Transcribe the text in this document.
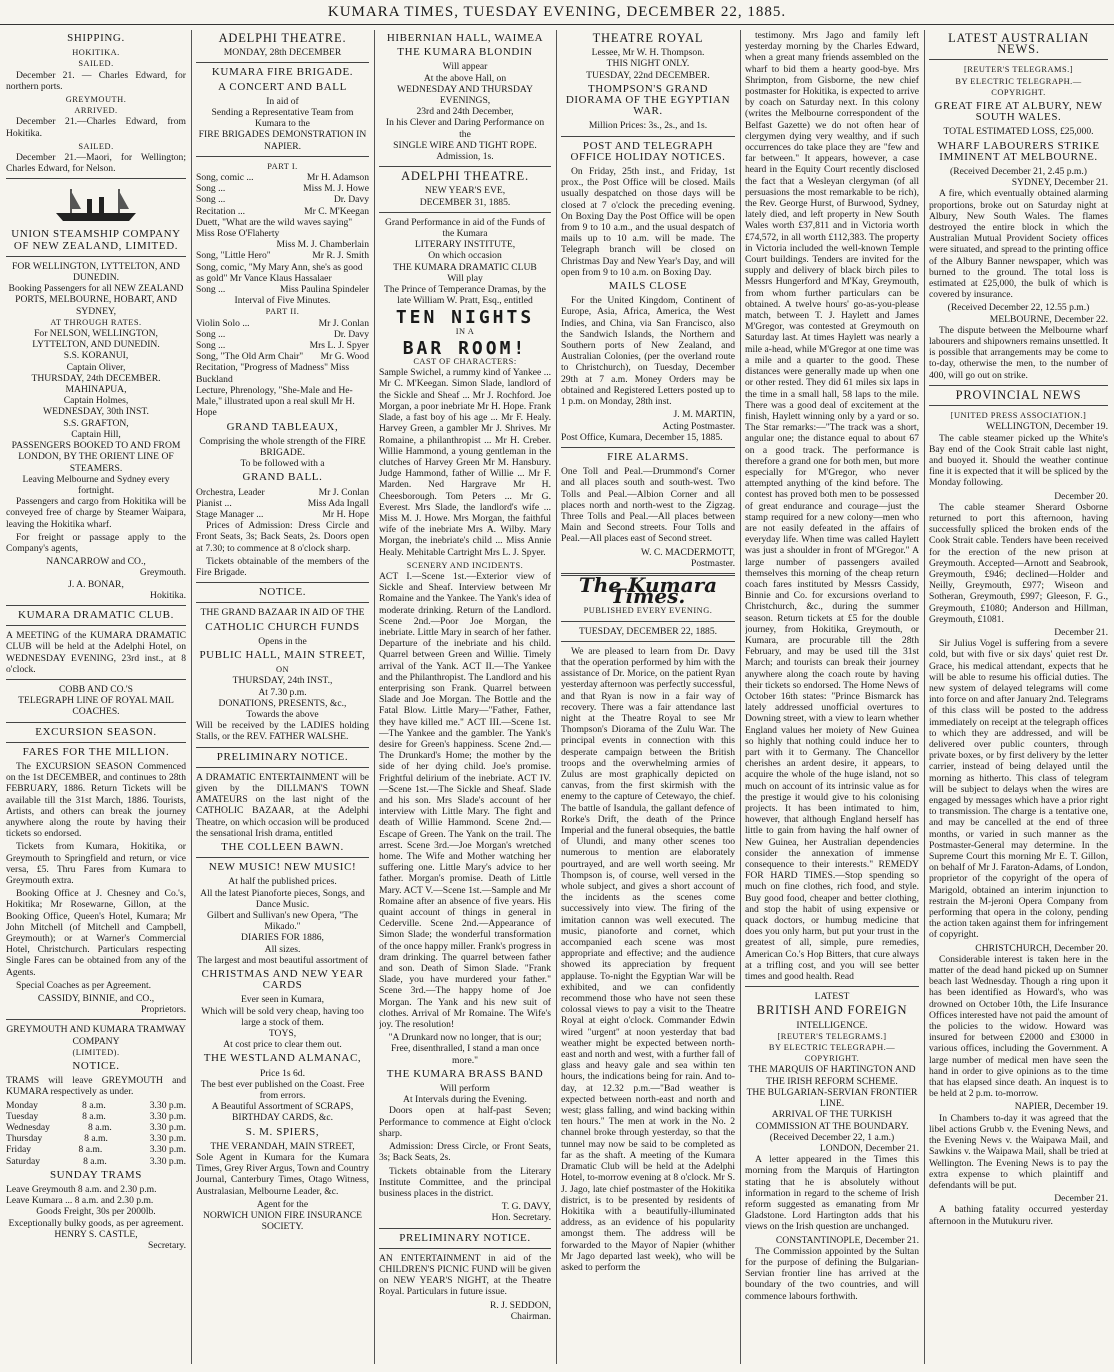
KUMARA TIMES, TUESDAY EVENING, DECEMBER 22, 1885.
SHIPPING.
HOKITIKA.
SAILED.

December 21. — Charles Edward, for northern ports.

GREYMOUTH.
ARRIVED.

December 21.—Charles Edward, from Hokitika.

SAILED.

December 21.—Maori, for Wellington; Charles Edward, for Nelson.

UNION STEAMSHIP COMPANY OF NEW ZEALAND, LIMITED.
FOR WELLINGTON, LYTTELTON, AND DUNEDIN.
Booking Passengers for all NEW ZEALAND PORTS, MELBOURNE, HOBART, AND SYDNEY,
AT THROUGH RATES.
For NELSON, WELLINGTON, LYTTELTON, AND DUNEDIN.
S.S. KORANUI,
Captain Oliver,
THURSDAY, 24th DECEMBER.
MAHINAPUA,
Captain Holmes,
WEDNESDAY, 30th INST.
S.S. GRAFTON,
Captain Hill,
PASSENGERS BOOKED TO AND FROM LONDON, BY THE ORIENT LINE OF STEAMERS.
Leaving Melbourne and Sydney every fortnight.

Passengers and cargo from Hokitika will be conveyed free of charge by Steamer Waipara, leaving the Hokitika wharf.

For freight or passage apply to the Company's agents,

NANCARROW and CO.,
Greymouth.
J. A. BONAR,
Hokitika.
KUMARA DRAMATIC CLUB.

A MEETING of the KUMARA DRAMATIC CLUB will be held at the Adelphi Hotel, on WEDNESDAY EVENING, 23rd inst., at 8 o'clock.

COBB AND CO.'S
TELEGRAPH LINE OF ROYAL MAIL COACHES.
EXCURSION SEASON.
FARES FOR THE MILLION.

The EXCURSION SEASON Commenced on the 1st DECEMBER, and continues to 28th FEBRUARY, 1886. Return Tickets will be available till the 31st March, 1886. Tourists, Artists, and others can break the journey anywhere along the route by having their tickets so endorsed.

Tickets from Kumara, Hokitika, or Greymouth to Springfield and return, or vice versa, £5. Thru Fares from Kumara to Greymouth extra.

Booking Office at J. Chesney and Co.'s, Hokitika; Mr Rosewarne, Gillon, at the Booking Office, Queen's Hotel, Kumara; Mr John Mitchell (of Mitchell and Campbell, Greymouth); or at Warner's Commercial Hotel, Christchurch. Particulars respecting Single Fares can be obtained from any of the Agents.

Special Coaches as per Agreement.

CASSIDY, BINNIE, and CO.,
Proprietors.
GREYMOUTH AND KUMARA TRAMWAY COMPANY
(LIMITED).
NOTICE.

TRAMS will leave GREYMOUTH and KUMARA respectively as under.

Monday	8 a.m.	3.30 p.m.
Tuesday	8 a.m.	3.30 p.m.
Wednesday	8 a.m.	3.30 p.m.
Thursday	8 a.m.	3.30 p.m.
Friday	8 a.m.	3.30 p.m.
Saturday	8 a.m.	3.30 p.m.
SUNDAY TRAMS
Leave Greymouth 8 a.m. and 2.30 p.m.
Leave Kumara ... 8 a.m. and 2.30 p.m.
Goods Freight, 30s per 2000lb.
Exceptionally bulky goods, as per agreement.
HENRY S. CASTLE,
Secretary.
ADELPHI THEATRE.
MONDAY, 28th DECEMBER
KUMARA FIRE BRIGADE.
A CONCERT AND BALL
In aid of
Sending a Representative Team from Kumara to the
FIRE BRIGADES DEMONSTRATION IN NAPIER.
PART I.
Song, comic ...	Mr H. Adamson
Song ...	Miss M. J. Howe
Song ...	Dr. Davy
Recitation ...	Mr C. M'Keegan
Duett, "What are the wild waves saying" Miss Rose O'Flaherty
Miss M. J. Chamberlain
Song, "Little Hero"	Mr R. J. Smith
Song, comic, "My Mary Ann, she's as good as gold" Mr Vance Klaus Hassalaer
Song ...	Miss Paulina Spindeler
Interval of Five Minutes.
PART II.
Violin Solo ...	Mr J. Conlan
Song ...	Dr. Davy
Song ...	Mrs L. J. Spyer
Song, "The Old Arm Chair" Mr G. Wood
Recitation, "Progress of Madness" Miss Buckland
Lecture, Phrenology, "She-Male and He-Male," illustrated upon a real skull Mr H. Hope
GRAND TABLEAUX,
Comprising the whole strength of the FIRE BRIGADE.
To be followed with a
GRAND BALL.
Orchestra, Leader	Mr J. Conlan
Pianist ...	Miss Ada Ingall
Stage Manager ...	Mr H. Hope

Prices of Admission: Dress Circle and Front Seats, 3s; Back Seats, 2s. Doors open at 7.30; to commence at 8 o'clock sharp.

Tickets obtainable of the members of the Fire Brigade.

NOTICE.
THE GRAND BAZAAR IN AID OF THE
CATHOLIC CHURCH FUNDS
Opens in the
PUBLIC HALL, MAIN STREET,
ON
THURSDAY, 24th INST.,
At 7.30 p.m.
DONATIONS, PRESENTS, &c.,
Towards the above

Will be received by the LADIES holding Stalls, or the REV. FATHER WALSHE.

PRELIMINARY NOTICE.

A DRAMATIC ENTERTAINMENT will be given by the DILLMAN'S TOWN AMATEURS on the last night of the CATHOLIC BAZAAR, at the Adelphi Theatre, on which occasion will be produced the sensational Irish drama, entitled

THE COLLEEN BAWN.
NEW MUSIC! NEW MUSIC!
At half the published prices.
All the latest Pianoforte pieces, Songs, and Dance Music.
Gilbert and Sullivan's new Opera, "The Mikado."
DIARIES FOR 1886,
All sizes.
The largest and most beautiful assortment of
CHRISTMAS AND NEW YEAR CARDS
Ever seen in Kumara,
Which will be sold very cheap, having too large a stock of them.
TOYS,
At cost price to clear them out.
THE WESTLAND ALMANAC,
Price 1s 6d.
The best ever published on the Coast. Free from errors.
A Beautiful Assortment of SCRAPS, BIRTHDAY CARDS, &c.
S. M. SPIERS,
THE VERANDAH, MAIN STREET,

Sole Agent in Kumara for the Kumara Times, Grey River Argus, Town and Country Journal, Canterbury Times, Otago Witness, Australasian, Melbourne Leader, &c.

Agent for the
NORWICH UNION FIRE INSURANCE SOCIETY.
HIBERNIAN HALL, WAIMEA
THE KUMARA BLONDIN
Will appear
At the above Hall, on
WEDNESDAY AND THURSDAY EVENINGS,
23rd and 24th December,
In his Clever and Daring Performance on the
SINGLE WIRE AND TIGHT ROPE.
Admission, 1s.
ADELPHI THEATRE.
NEW YEAR'S EVE,
DECEMBER 31, 1885.
Grand Performance in aid of the Funds of the Kumara
LITERARY INSTITUTE,
On which occasion
THE KUMARA DRAMATIC CLUB
Will play
The Prince of Temperance Dramas, by the late William W. Pratt, Esq., entitled
TEN NIGHTS
IN A
BAR ROOM!
CAST OF CHARACTERS:

Sample Swichel, a rummy kind of Yankee ... Mr C. M'Keegan. Simon Slade, landlord of the Sickle and Sheaf ... Mr J. Rochford. Joe Morgan, a poor inebriate Mr H. Hope. Frank Slade, a fast boy of his age ... Mr F. Healy. Harvey Green, a gambler Mr J. Shrives. Mr Romaine, a philanthropist ... Mr H. Creber. Willie Hammond, a young gentleman in the clutches of Harvey Green Mr M. Hansbury. Judge Hammond, father of Willie ... Mr F. Marden. Ned Hargrave Mr H. Cheesborough. Tom Peters ... Mr G. Everest. Mrs Slade, the landlord's wife ... Miss M. J. Howe. Mrs Morgan, the faithful wife of the inebriate Mrs A. Wilby. Mary Morgan, the inebriate's child ... Miss Annie Healy. Mehitable Cartright Mrs L. J. Spyer.

SCENERY AND INCIDENTS.

ACT I.—Scene 1st.—Exterior view of Sickle and Sheaf. Interview between Mr Romaine and the Yankee. The Yank's idea of moderate drinking. Return of the Landlord. Scene 2nd.—Poor Joe Morgan, the inebriate. Little Mary in search of her father. Departure of the inebriate and his child. Quarrel between Green and Willie. Timely arrival of the Yank. ACT II.—The Yankee and the Philanthropist. The Landlord and his enterprising son Frank. Quarrel between Slade and Joe Morgan. The Bottle and the Fatal Blow. Little Mary—"Father, Father, they have killed me." ACT III.—Scene 1st.—The Yankee and the gambler. The Yank's desire for Green's happiness. Scene 2nd.—The Drunkard's Home; the mother by the side of her dying child. Joe's promise. Frightful delirium of the inebriate. ACT IV.—Scene 1st.—The Sickle and Sheaf. Slade and his son. Mrs Slade's account of her interview with Little Mary. The fight and death of Willie Hammond. Scene 2nd.—Escape of Green. The Yank on the trail. The arrest. Scene 3rd.—Joe Morgan's wretched home. The Wife and Mother watching her suffering one. Little Mary's advice to her father. Morgan's promise. Death of Little Mary. ACT V.—Scene 1st.—Sample and Mr Romaine after an absence of five years. His quaint account of things in general in Cederville. Scene 2nd.—Appearance of Simon Slade; the wonderful transformation of the once happy miller. Frank's progress in dram drinking. The quarrel between father and son. Death of Simon Slade. "Frank Slade, you have murdered your father." Scene 3rd.—The happy home of Joe Morgan. The Yank and his new suit of clothes. Arrival of Mr Romaine. The Wife's joy. The resolution!

"A Drunkard now no longer, that is our; Free, disenthralled, I stand a man once more."
THE KUMARA BRASS BAND
Will perform
At Intervals during the Evening.

Doors open at half-past Seven; Performance to commence at Eight o'clock sharp.

Admission: Dress Circle, or Front Seats, 3s; Back Seats, 2s.

Tickets obtainable from the Literary Institute Committee, and the principal business places in the district.

T. G. DAVY,
Hon. Secretary.
PRELIMINARY NOTICE.

AN ENTERTAINMENT in aid of the CHILDREN'S PICNIC FUND will be given on NEW YEAR'S NIGHT, at the Theatre Royal. Particulars in future issue.

R. J. SEDDON,
Chairman.
THEATRE ROYAL
Lessee, Mr W. H. Thompson.
THIS NIGHT ONLY.
TUESDAY, 22nd DECEMBER.
THOMPSON'S GRAND DIORAMA OF THE EGYPTIAN WAR.
Million Prices: 3s., 2s., and 1s.
POST AND TELEGRAPH OFFICE HOLIDAY NOTICES.

On Friday, 25th inst., and Friday, 1st prox., the Post Office will be closed. Mails usually despatched on those days will be closed at 7 o'clock the preceding evening. On Boxing Day the Post Office will be open from 9 to 10 a.m., and the usual despatch of mails up to 10 a.m. will be made. The Telegraph branch will be closed on Christmas Day and New Year's Day, and will open from 9 to 10 a.m. on Boxing Day.

MAILS CLOSE

For the United Kingdom, Continent of Europe, Asia, Africa, America, the West Indies, and China, via San Francisco, also the Sandwich Islands, the Northern and Southern ports of New Zealand, and Australian Colonies, (per the overland route to Christchurch), on Tuesday, December 29th at 7 a.m. Money Orders may be obtained and Registered Letters posted up to 1 p.m. on Monday, 28th inst.

J. M. MARTIN,
Acting Postmaster.
Post Office, Kumara, December 15, 1885.
FIRE ALARMS.

One Toll and Peal.—Drummond's Corner and all places south and south-west. Two Tolls and Peal.—Albion Corner and all places north and north-west to the Zigzag. Three Tolls and Peal.—All places between Main and Second streets. Four Tolls and Peal.—All places east of Second street.

W. C. MACDERMOTT,
Postmaster.
The Kumara Times.
PUBLISHED EVERY EVENING.
TUESDAY, DECEMBER 22, 1885.

We are pleased to learn from Dr. Davy that the operation performed by him with the assistance of Dr. Morice, on the patient Ryan yesterday afternoon was perfectly successful, and that Ryan is now in a fair way of recovery. There was a fair attendance last night at the Theatre Royal to see Mr Thompson's Diorama of the Zulu War. The principal events in connection with this desperate campaign between the British troops and the overwhelming armies of Zulus are most graphically depicted on canvas, from the first skirmish with the enemy to the capture of Cetewayo, the chief. The battle of Isandula, the gallant defence of Rorke's Drift, the death of the Prince Imperial and the funeral obsequies, the battle of Ulundi, and many other scenes too numerous to mention are elaborately pourtrayed, and are well worth seeing. Mr Thompson is, of course, well versed in the whole subject, and gives a short account of the incidents as the scenes come successively into view. The firing of the imitation cannon was well executed. The music, pianoforte and cornet, which accompanied each scene was most appropriate and effective; and the audience showed its appreciation by frequent applause. To-night the Egyptian War will be exhibited, and we can confidently recommend those who have not seen these colossal views to pay a visit to the Theatre Royal at eight o'clock. Commander Edwin wired "urgent" at noon yesterday that bad weather might be expected between north-east and north and west, with a further fall of glass and heavy gale and sea within ten hours, the indications being for rain. And to-day, at 12.32 p.m.—"Bad weather is expected between north-east and north and west; glass falling, and wind backing within ten hours." The men at work in the No. 2 channel broke through yesterday, so that the tunnel may now be said to be completed as far as the shaft. A meeting of the Kumara Dramatic Club will be held at the Adelphi Hotel, to-morrow evening at 8 o'clock. Mr S. J. Jago, late chief postmaster of the Hokitika district, is to be presented by residents of Hokitika with a beautifully-illuminated address, as an evidence of his popularity amongst them. The address will be forwarded to the Mayor of Napier (whither Mr Jago departed last week), who will be asked to perform the

testimony. Mrs Jago and family left yesterday morning by the Charles Edward, when a great many friends assembled on the wharf to bid them a hearty good-bye. Mrs Shrimpton, from Gisborne, the new chief postmaster for Hokitika, is expected to arrive by coach on Saturday next. In this colony (writes the Melbourne correspondent of the Belfast Gazette) we do not often hear of clergymen dying very wealthy, and if such occurrences do take place they are "few and far between." It appears, however, a case heard in the Equity Court recently disclosed the fact that a Wesleyan clergyman (of all persuasions the most remarkable to be rich), the Rev. George Hurst, of Burwood, Sydney, lately died, and left property in New South Wales worth £37,811 and in Victoria worth £74,572, in all worth £112,383. The property in Victoria included the well-known Temple Court buildings. Tenders are invited for the supply and delivery of black birch piles to Messrs Hungerford and M'Kay, Greymouth, from whom further particulars can be obtained. A twelve hours' go-as-you-please match, between T. J. Haylett and James M'Gregor, was contested at Greymouth on Saturday last. At times Haylett was nearly a mile a-head, while M'Gregor at one time was a mile and a quarter to the good. These distances were generally made up when one or other rested. They did 61 miles six laps in the time in a small hall, 58 laps to the mile. There was a good deal of excitement at the finish, Haylett winning only by a yard or so. The Star remarks:—"The track was a short, angular one; the distance equal to about 67 on a good track. The performance is therefore a grand one for both men, but more especially for M'Gregor, who never attempted anything of the kind before. The contest has proved both men to be possessed of great endurance and courage—just the stamp required for a new colony—men who are not easily defeated in the affairs of everyday life. When time was called Haylett was just a shoulder in front of M'Gregor." A large number of passengers availed themselves this morning of the cheap return coach fares instituted by Messrs Cassidy, Binnie and Co. for excursions overland to Christchurch, &c., during the summer season. Return tickets at £5 for the double journey, from Hokitika, Greymouth, or Kumara, are procurable till the 28th February, and may be used till the 31st March; and tourists can break their journey anywhere along the coach route by having their tickets so endorsed. The Home News of October 16th states: "Prince Bismarck has lately addressed unofficial overtures to Downing street, with a view to learn whether England values her moiety of New Guinea so highly that nothing could induce her to part with it to Germany. The Chancellor cherishes an ardent desire, it appears, to acquire the whole of the huge island, not so much on account of its intrinsic value as for the prestige it would give to his colonising projects. It has been intimated to him, however, that although England herself has little to gain from having the half owner of New Guinea, her Australian dependencies consider the annexation of immense consequence to their interests." REMEDY FOR HARD TIMES.—Stop spending so much on fine clothes, rich food, and style. Buy good food, cheaper and better clothing, and stop the habit of using expensive or quack doctors, or humbug medicine that does you only harm, but put your trust in the greatest of all, simple, pure remedies, American Co.'s Hop Bitters, that cure always at a trifling cost, and you will see better times and good health. Read

LATEST
BRITISH AND FOREIGN
INTELLIGENCE.
[REUTER'S TELEGRAMS.]
BY ELECTRIC TELEGRAPH.—COPYRIGHT.
THE MARQUIS OF HARTINGTON AND THE IRISH REFORM SCHEME.
THE BULGARIAN-SERVIAN FRONTIER LINE.
ARRIVAL OF THE TURKISH COMMISSION AT THE BOUNDARY.
(Received December 22, 1 a.m.)
LONDON, December 21.

A letter appeared in the Times this morning from the Marquis of Hartington stating that he is absolutely without information in regard to the scheme of Irish reform suggested as emanating from Mr Gladstone. Lord Hartington adds that his views on the Irish question are unchanged.

CONSTANTINOPLE, December 21.

The Commission appointed by the Sultan for the purpose of defining the Bulgarian-Servian frontier line has arrived at the boundary of the two countries, and will commence labours forthwith.

LATEST AUSTRALIAN NEWS.
[REUTER'S TELEGRAMS.]
BY ELECTRIC TELEGRAPH.—COPYRIGHT.
GREAT FIRE AT ALBURY, NEW SOUTH WALES.
TOTAL ESTIMATED LOSS, £25,000.
WHARF LABOURERS STRIKE IMMINENT AT MELBOURNE.
(Received December 21, 2.45 p.m.)
SYDNEY, December 21.

A fire, which eventually obtained alarming proportions, broke out on Saturday night at Albury, New South Wales. The flames destroyed the entire block in which the Australian Mutual Provident Society offices were situated, and spread to the printing office of the Albury Banner newspaper, which was burned to the ground. The total loss is estimated at £25,000, the bulk of which is covered by insurance.

(Received December 22, 12.55 p.m.)
MELBOURNE, December 22.

The dispute between the Melbourne wharf labourers and shipowners remains unsettled. It is possible that arrangements may be come to to-day, otherwise the men, to the number of 400, will go out on strike.

PROVINCIAL NEWS
[UNITED PRESS ASSOCIATION.]
WELLINGTON, December 19.

The cable steamer picked up the White's Bay end of the Cook Strait cable last night, and buoyed it. Should the weather continue fine it is expected that it will be spliced by the Monday following.

December 20.

The cable steamer Sherard Osborne returned to port this afternoon, having successfully spliced the broken ends of the Cook Strait cable. Tenders have been received for the erection of the new prison at Greymouth. Accepted—Arnott and Seabrook, Greymouth, £946; declined—Holder and Neilly, Greymouth, £977; Wiseon and Sotheran, Greymouth, £997; Gleeson, F. G., Greymouth, £1080; Anderson and Hillman, Greymouth, £1081.

December 21.

Sir Julius Vogel is suffering from a severe cold, but with five or six days' quiet rest Dr. Grace, his medical attendant, expects that he will be able to resume his official duties. The new system of delayed telegrams will come into force on and after January 2nd. Telegrams of this class will be posted to the address immediately on receipt at the telegraph offices to which they are addressed, and will be delivered over public counters, through private boxes, or by first delivery by the letter carrier, instead of being delayed until the morning as hitherto. This class of telegram will be subject to delays when the wires are engaged by messages which have a prior right to transmission. The charge is a tentative one, and may be cancelled at the end of three months, or varied in such manner as the Postmaster-General may determine. In the Supreme Court this morning Mr E. T. Gillon, on behalf of Mr J. Faraton-Adams, of London, proprietor of the copyright of the opera of Marigold, obtained an interim injunction to restrain the M-jeroni Opera Company from performing that opera in the colony, pending the action taken against them for infringement of copyright.

CHRISTCHURCH, December 20.

Considerable interest is taken here in the matter of the dead hand picked up on Sumner beach last Wednesday. Though a ring upon it has been identified as Howard's, who was drowned on October 10th, the Life Insurance Offices interested have not paid the amount of the policies to the widow. Howard was insured for between £2000 and £3000 in various offices, including the Government. A large number of medical men have seen the hand in order to give opinions as to the time that has elapsed since death. An inquest is to be held at 2 p.m. to-morrow.

NAPIER, December 19.

In Chambers to-day it was agreed that the libel actions Grubb v. the Evening News, and the Evening News v. the Waipawa Mail, and Sawkins v. the Waipawa Mail, shall be tried at Wellington. The Evening News is to pay the extra expense to which plaintiff and defendants will be put.

December 21.

A bathing fatality occurred yesterday afternoon in the Mutukuru river.
